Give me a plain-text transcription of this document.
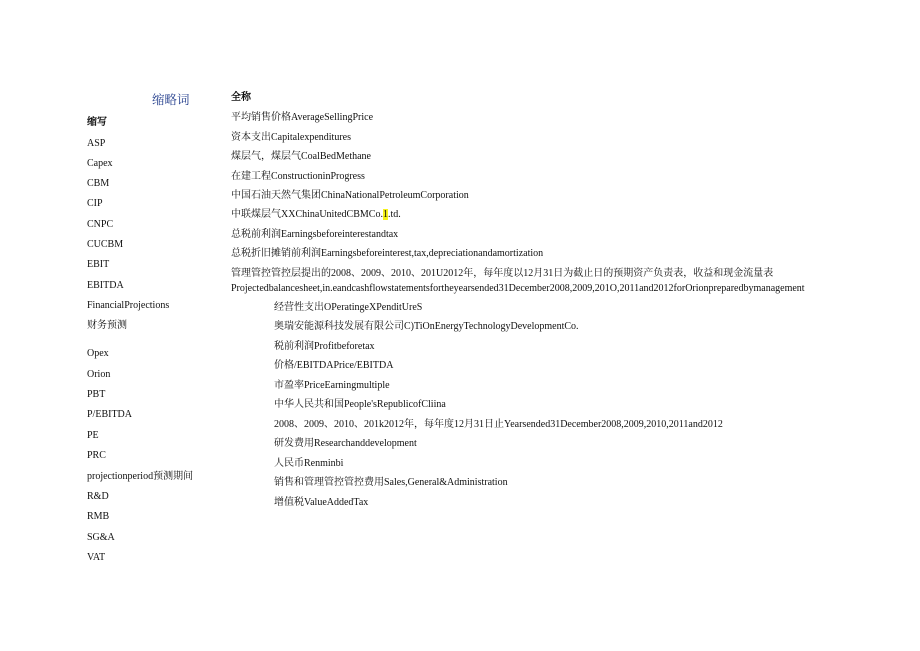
缩略词	全称
缩写
ASP
Capex
CBM
CIP
CNPC
CUCBM
EBIT
EBITDA
FinancialProjections
财务预测
Opex
Orion
PBT
P/EBITDA
PE
PRC
projectionperiod预测期间
R&D
RMB
SG&A
VAT
平均销售价格AverageSellingPrice
资本支出Capitalexpenditures
煤层气，煤层气CoalBedMethane
在建工程ConstructioninProgress
中国石油天然气集团ChinaNationalPetroleumCorporation
中联煤层气XXChinaUnitedCBMCo.1.td.
总税前利润Earningsbeforeinterestandtax
总税折旧摊销前利润Earningsbeforeinterest,tax,depreciationandamortization
管理管控管控层提出的2008、2009、2010、201U2012年，每年度以12月31日为截止日的预期资产负责表，收益和现金流量表
Projectedbalancesheet,in.eandcashflowstatementsfortheyearsended31December2008,2009,201O,2011and2012forOrionpreparedbymanagement
经营性支出OPeratingeXPenditUreS
奥瑞安能源科技发展有限公司C)TiOnEnergyTechnologyDevelopmentCo.
税前利润Profitbeforetax
价格/EBITDAPrice/EBITDA
市盈率PriceEarningmultiple
中华人民共和国People'sRepublicofCliina
2008、2009、2010、201k2012年，每年度12月31日止Yearsended31December2008,2009,2010,2011and2012
研发费用Researchanddevelopment
人民币Renminbi
销售和管理管控管控费用Sales,General&Administration
增值税ValueAddedTax
